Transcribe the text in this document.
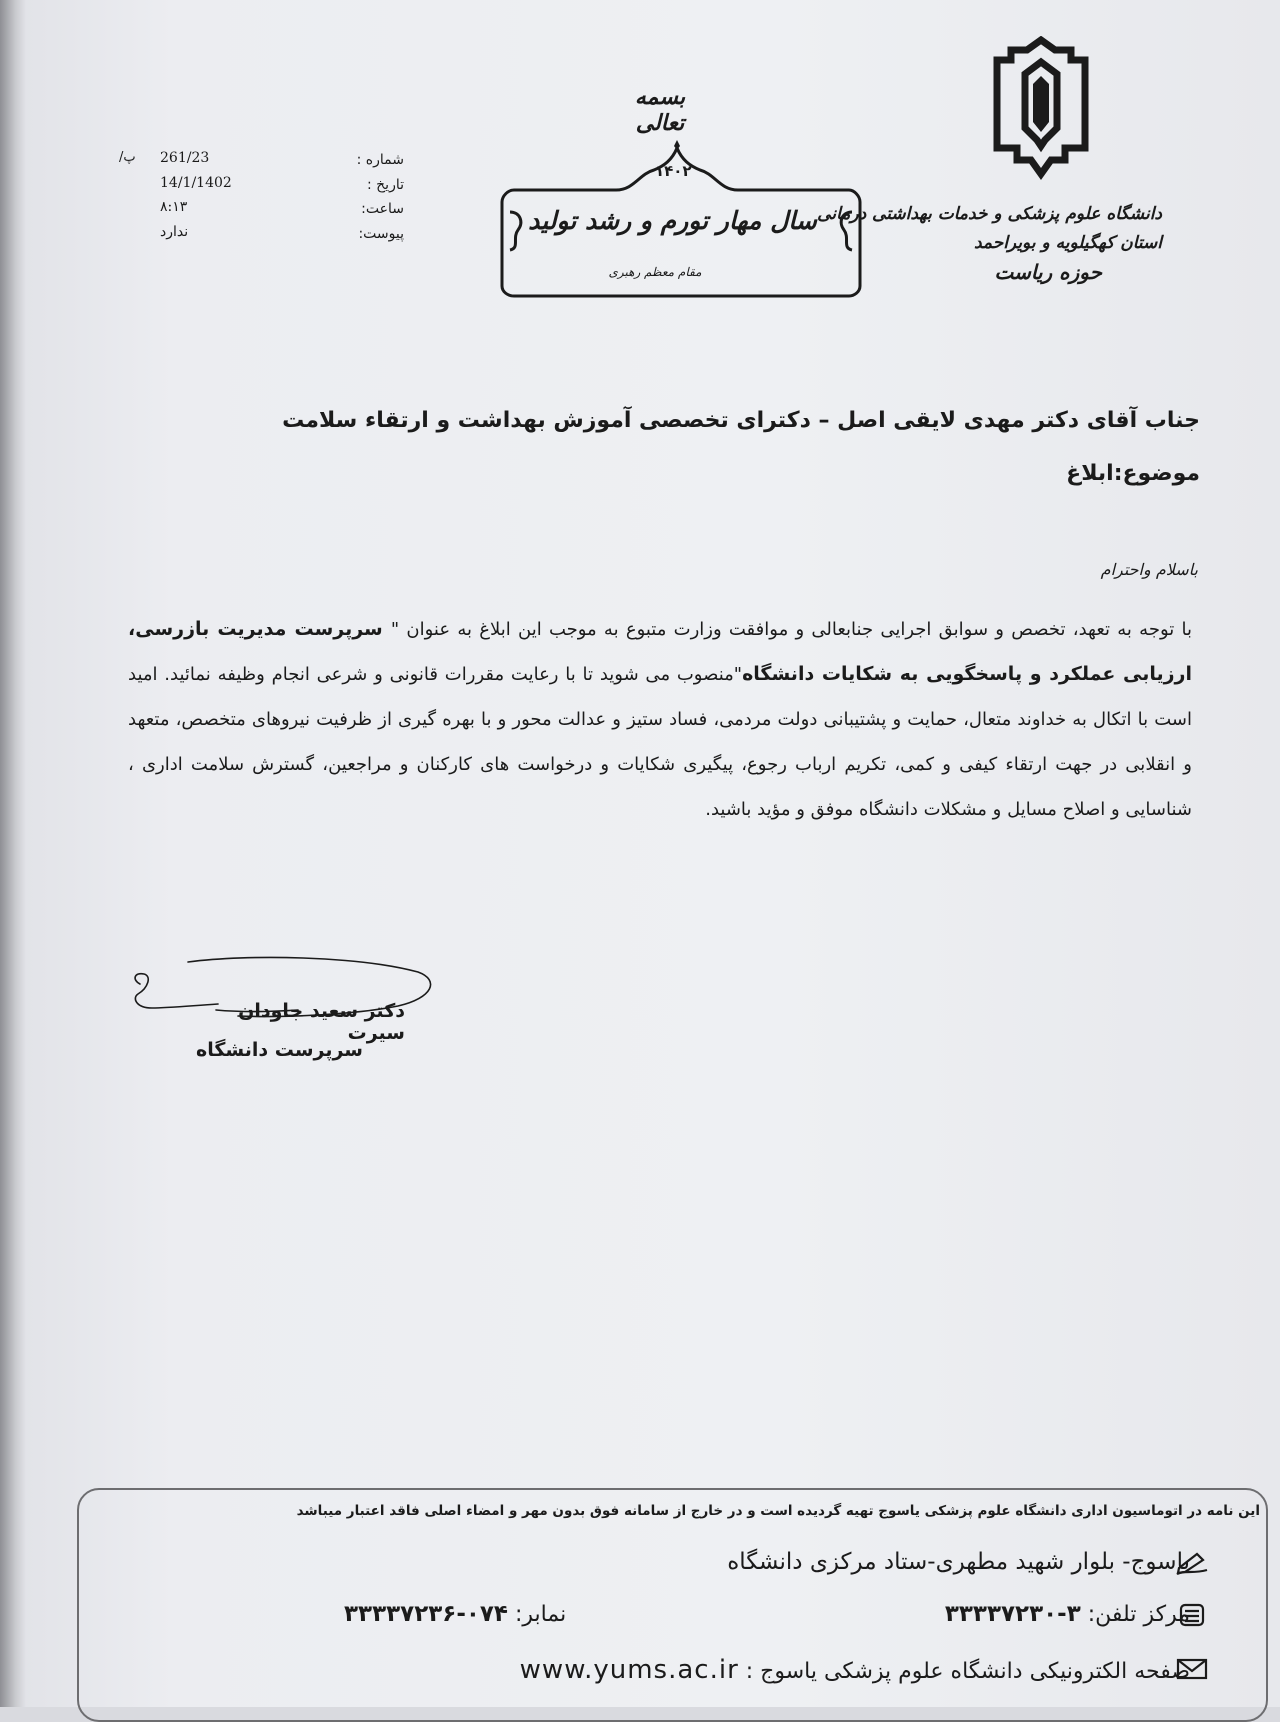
دانشگاه علوم پزشکی و خدمات بهداشتی درمانی
استان کهگیلویه و بویراحمد
حوزه ریاست
بسمه تعالی
۱۴۰۲
سال مهار تورم و رشد تولید
مقام معظم رهبری
شماره :
تاریخ :
ساعت:
پیوست:
261/23
14/1/1402
۸:۱۳
ندارد
/پ
جناب آقای دکتر مهدی لایقی اصل – دکترای تخصصی آموزش بهداشت و ارتقاء سلامت
موضوع:ابلاغ
باسلام واحترام
با توجه به تعهد، تخصص و سوابق اجرایی جنابعالی و موافقت وزارت متبوع به موجب این ابلاغ به عنوان " سرپرست مدیریت بازرسی، ارزیابی عملکرد و پاسخگویی به شکایات دانشگاه"منصوب می شوید تا با رعایت مقررات قانونی و شرعی انجام وظیفه نمائید. امید است با اتکال به خداوند متعال، حمایت و پشتیبانی دولت مردمی، فساد ستیز و عدالت محور و با بهره گیری از ظرفیت نیروهای متخصص، متعهد و انقلابی در جهت ارتقاء کیفی و کمی، تکریم ارباب رجوع، پیگیری شکایات و درخواست های کارکنان و مراجعین، گسترش سلامت اداری ، شناسایی و اصلاح مسایل و مشکلات دانشگاه موفق و مؤید باشید.
دکتر سعید جاودان سیرت
سرپرست دانشگاه
این نامه در اتوماسیون اداری دانشگاه علوم پزشکی یاسوج تهیه گردیده است و در خارج از سامانه فوق بدون مهر و امضاء اصلی فاقد اعتبار میباشد
یاسوج- بلوار شهید مطهری-ستاد مرکزی دانشگاه
مرکز تلفن: ۳-۳۳۳۳۷۲۳۰
نمابر: ۰۷۴-۳۳۳۳۷۲۳۶
صفحه الکترونیکی دانشگاه علوم پزشکی یاسوج : www.yums.ac.ir
